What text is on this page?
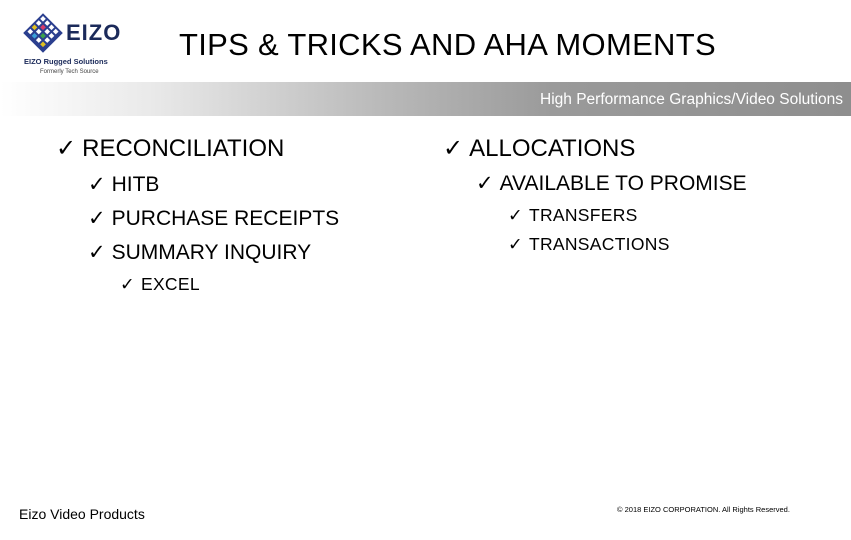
EIZO
EIZO Rugged Solutions
Formerly Tech Source
TIPS & TRICKS AND AHA MOMENTS
High Performance Graphics/Video Solutions
✓ RECONCILIATION
✓ HITB
✓ PURCHASE RECEIPTS
✓ SUMMARY INQUIRY
✓ EXCEL
✓ ALLOCATIONS
✓ AVAILABLE TO PROMISE
✓ TRANSFERS
✓ TRANSACTIONS
Eizo Video Products	© 2018 EIZO CORPORATION. All Rights Reserved.
